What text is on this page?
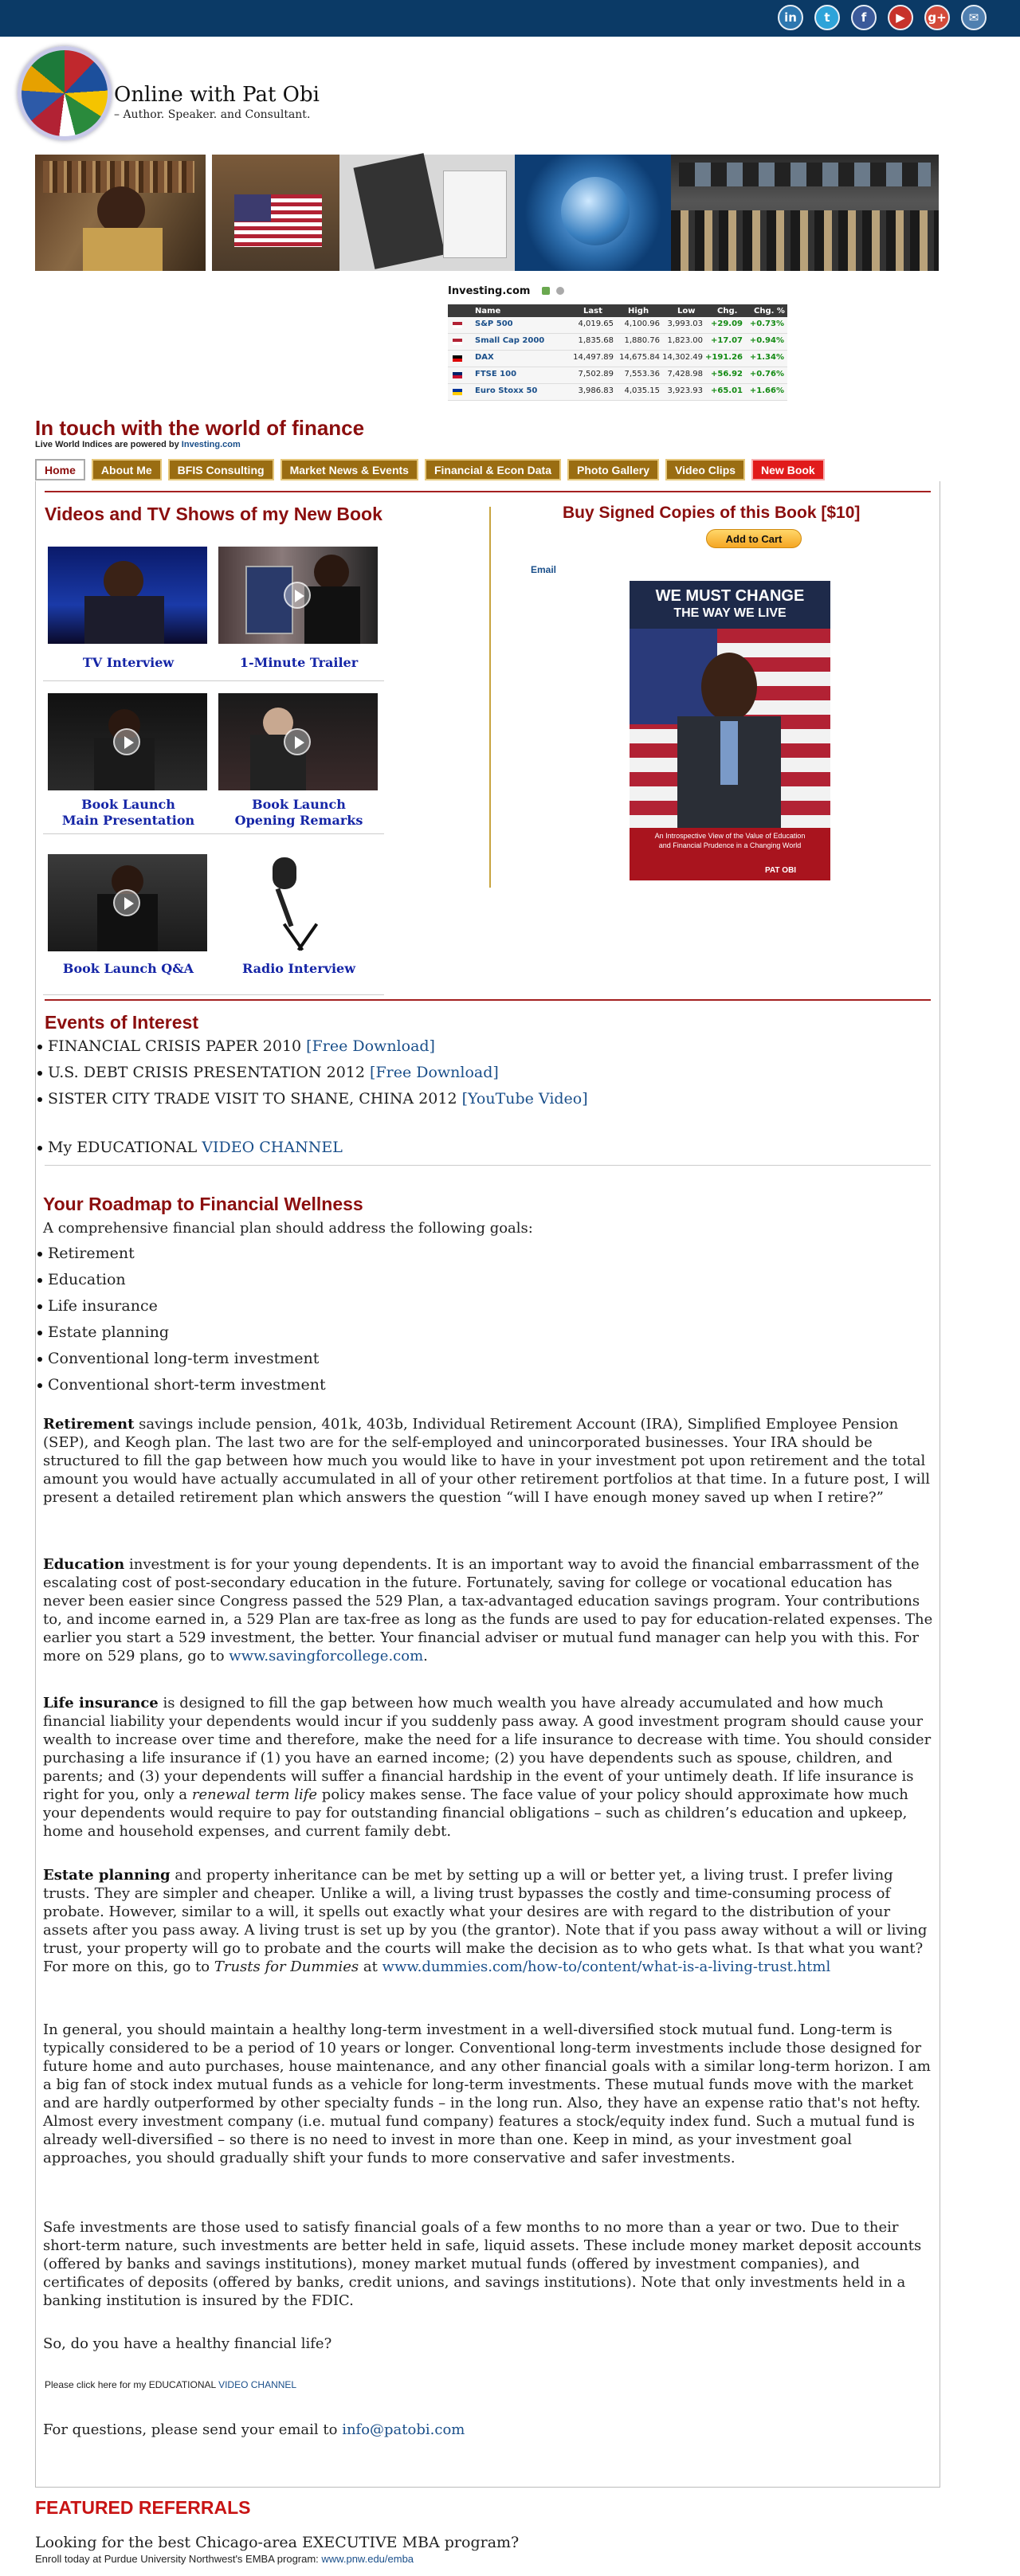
in	t	f	▶	g+	✉
Online with Pat Obi
– Author. Speaker. and Consultant.
Investing.com
Name	Last	High	Low	Chg. Chg. %
S&P 500	4,019.65	4,100.96 3,993.03 +29.09 +0.73%
Small Cap 2000	1,835.68	1,880.76 1,823.00 +17.07 +0.94%
DAX	14,497.89 14,675.84 14,302.49 +191.26 +1.34%
FTSE 100	7,502.89	7,553.36 7,428.98 +56.92 +0.76%
Euro Stoxx 50	3,986.83	4,035.15 3,923.93 +65.01 +1.66%
In touch with the world of finance
Live World Indices are powered by Investing.com
Home	About Me	BFIS Consulting	Market News & Events	Financial & Econ Data	Photo Gallery	Video Clips	New Book
Videos and TV Shows of my New Book
TV Interview	1-Minute Trailer
Book Launch
Main Presentation
Book Launch
Opening Remarks
Book Launch Q&A	Radio Interview
Buy Signed Copies of this Book [$10]
Add to Cart
Email
WE MUST CHANGE
THE WAY WE LIVE
An Introspective View of the Value of Education and Financial Prudence in a Changing World
PAT OBI
Events of Interest
FINANCIAL CRISIS PAPER 2010 [Free Download]
U.S. DEBT CRISIS PRESENTATION 2012 [Free Download]
SISTER CITY TRADE VISIT TO SHANE, CHINA 2012 [YouTube Video]
My EDUCATIONAL VIDEO CHANNEL
Your Roadmap to Financial Wellness
A comprehensive financial plan should address the following goals:
Retirement
Education
Life insurance
Estate planning
Conventional long-term investment
Conventional short-term investment
Retirement savings include pension, 401k, 403b, Individual Retirement Account (IRA), Simplified Employee Pension (SEP), and Keogh plan. The last two are for the self-employed and unincorporated businesses. Your IRA should be structured to fill the gap between how much you would like to have in your investment pot upon retirement and the total amount you would have actually accumulated in all of your other retirement portfolios at that time. In a future post, I will present a detailed retirement plan which answers the question “will I have enough money saved up when I retire?”
Education investment is for your young dependents. It is an important way to avoid the financial embarrassment of the escalating cost of post-secondary education in the future. Fortunately, saving for college or vocational education has never been easier since Congress passed the 529 Plan, a tax-advantaged education savings program. Your contributions to, and income earned in, a 529 Plan are tax-free as long as the funds are used to pay for education-related expenses. The earlier you start a 529 investment, the better. Your financial adviser or mutual fund manager can help you with this. For more on 529 plans, go to www.savingforcollege.com.
Life insurance is designed to fill the gap between how much wealth you have already accumulated and how much financial liability your dependents would incur if you suddenly pass away. A good investment program should cause your wealth to increase over time and therefore, make the need for a life insurance to decrease with time. You should consider purchasing a life insurance if (1) you have an earned income; (2) you have dependents such as spouse, children, and parents; and (3) your dependents will suffer a financial hardship in the event of your untimely death. If life insurance is right for you, only a renewal term life policy makes sense. The face value of your policy should approximate how much your dependents would require to pay for outstanding financial obligations – such as children’s education and upkeep, home and household expenses, and current family debt.
Estate planning and property inheritance can be met by setting up a will or better yet, a living trust. I prefer living trusts. They are simpler and cheaper. Unlike a will, a living trust bypasses the costly and time-consuming process of probate. However, similar to a will, it spells out exactly what your desires are with regard to the distribution of your assets after you pass away. A living trust is set up by you (the grantor). Note that if you pass away without a will or living trust, your property will go to probate and the courts will make the decision as to who gets what. Is that what you want? For more on this, go to Trusts for Dummies at www.dummies.com/how-to/content/what-is-a-living-trust.html
In general, you should maintain a healthy long-term investment in a well-diversified stock mutual fund. Long-term is typically considered to be a period of 10 years or longer. Conventional long-term investments include those designed for future home and auto purchases, house maintenance, and any other financial goals with a similar long-term horizon. I am a big fan of stock index mutual funds as a vehicle for long-term investments. These mutual funds move with the market and are hardly outperformed by other specialty funds – in the long run. Also, they have an expense ratio that's not hefty. Almost every investment company (i.e. mutual fund company) features a stock/equity index fund. Such a mutual fund is already well-diversified – so there is no need to invest in more than one. Keep in mind, as your investment goal approaches, you should gradually shift your funds to more conservative and safer investments.
Safe investments are those used to satisfy financial goals of a few months to no more than a year or two. Due to their short-term nature, such investments are better held in safe, liquid assets. These include money market deposit accounts (offered by banks and savings institutions), money market mutual funds (offered by investment companies), and certificates of deposits (offered by banks, credit unions, and savings institutions). Note that only investments held in a banking institution is insured by the FDIC.
So, do you have a healthy financial life?
Please click here for my EDUCATIONAL VIDEO CHANNEL
For questions, please send your email to info@patobi.com
FEATURED REFERRALS
Looking for the best Chicago-area EXECUTIVE MBA program?
Enroll today at Purdue University Northwest's EMBA program: www.pnw.edu/emba
